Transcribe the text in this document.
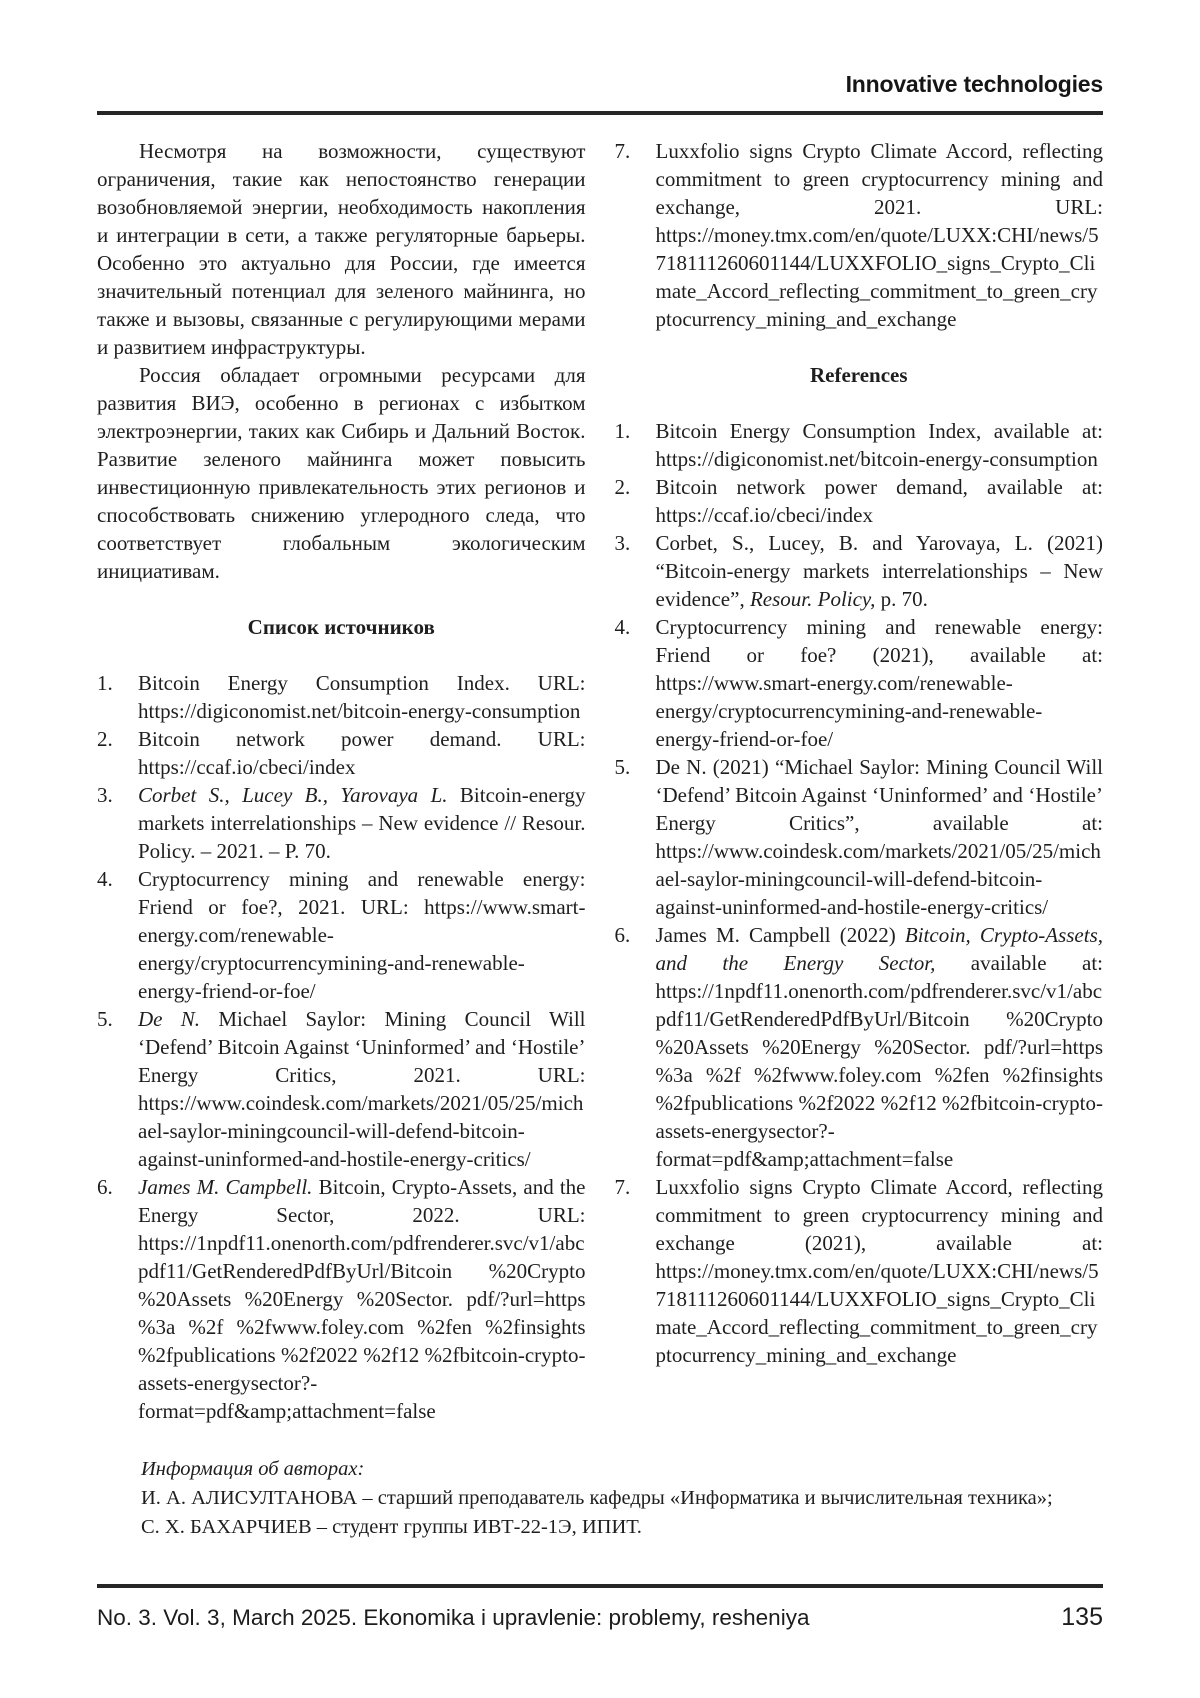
Innovative technologies

Несмотря на возможности, существуют ограничения, такие как непостоянство генерации возобновляемой энергии, необходимость накопления и интеграции в сети, а также регуляторные барьеры. Особенно это актуально для России, где имеется значительный потенциал для зеленого майнинга, но также и вызовы, связанные с регулирующими мерами и развитием инфраструктуры.

Россия обладает огромными ресурсами для развития ВИЭ, особенно в регионах с избытком электроэнергии, таких как Сибирь и Дальний Восток. Развитие зеленого майнинга может повысить инвестиционную привлекательность этих регионов и способствовать снижению углеродного следа, что соответствует глобальным экологическим инициативам.

Список источников
1. Bitcoin Energy Consumption Index. URL: https://digiconomist.net/bitcoin-energy-consumption
2. Bitcoin network power demand. URL: https://ccaf.io/cbeci/index
3. Corbet S., Lucey B., Yarovaya L. Bitcoin-energy markets interrelationships – New evidence // Resour. Policy. – 2021. – P. 70.
4. Cryptocurrency mining and renewable energy: Friend or foe?, 2021. URL: https://www.smart-energy.com/renewable-energy/cryptocurrencymining-and-renewable-energy-friend-or-foe/
5. De N. Michael Saylor: Mining Council Will ‘Defend’ Bitcoin Against ‘Uninformed’ and ‘Hostile’ Energy Critics, 2021. URL: https://www.coindesk.com/markets/2021/05/25/michael-saylor-miningcouncil-will-defend-bitcoin-against-uninformed-and-hostile-energy-critics/
6. James M. Campbell. Bitcoin, Crypto-Assets, and the Energy Sector, 2022. URL: https://1npdf11.onenorth.com/pdfrenderer.svc/v1/abcpdf11/GetRenderedPdfByUrl/Bitcoin %20Crypto %20Assets %20Energy %20Sector. pdf/?url=https %3a %2f %2fwww.foley.com %2fen %2finsights %2fpublications %2f2022 %2f12 %2fbitcoin-crypto-assets-energysector?- format=pdf&amp;attachment=false
7. Luxxfolio signs Crypto Climate Accord, reflecting commitment to green cryptocurrency mining and exchange, 2021. URL: https://money.tmx.com/en/quote/LUXX:CHI/news/5718111260601144/LUXXFOLIO_signs_Crypto_Climate_Accord_reflecting_commitment_to_green_cryptocurrency_mining_and_exchange
References
1. Bitcoin Energy Consumption Index, available at: https://digiconomist.net/bitcoin-energy-consumption
2. Bitcoin network power demand, available at: https://ccaf.io/cbeci/index
3. Corbet, S., Lucey, B. and Yarovaya, L. (2021) “Bitcoin-energy markets interrelationships – New evidence”, Resour. Policy, p. 70.
4. Cryptocurrency mining and renewable energy: Friend or foe? (2021), available at: https://www.smart-energy.com/renewable-energy/cryptocurrencymining-and-renewable-energy-friend-or-foe/
5. De N. (2021) “Michael Saylor: Mining Council Will ‘Defend’ Bitcoin Against ‘Uninformed’ and ‘Hostile’ Energy Critics”, available at: https://www.coindesk.com/markets/2021/05/25/michael-saylor-miningcouncil-will-defend-bitcoin-against-uninformed-and-hostile-energy-critics/
6. James M. Campbell (2022) Bitcoin, Crypto-Assets, and the Energy Sector, available at: https://1npdf11.onenorth.com/pdfrenderer.svc/v1/abcpdf11/GetRenderedPdfByUrl/Bitcoin %20Crypto %20Assets %20Energy %20Sector. pdf/?url=https %3a %2f %2fwww.foley.com %2fen %2finsights %2fpublications %2f2022 %2f12 %2fbitcoin-crypto-assets-energysector?- format=pdf&amp;attachment=false
7. Luxxfolio signs Crypto Climate Accord, reflecting commitment to green cryptocurrency mining and exchange (2021), available at: https://money.tmx.com/en/quote/LUXX:CHI/news/5718111260601144/LUXXFOLIO_signs_Crypto_Climate_Accord_reflecting_commitment_to_green_cryptocurrency_mining_and_exchange
Информация об авторах:
И. А. АЛИСУЛТАНОВА – старший преподаватель кафедры «Информатика и вычислительная техника»;
С. Х. БАХАРЧИЕВ – студент группы ИВТ-22-1Э, ИПИТ.
No. 3. Vol. 3, March 2025. Ekonomika i upravlenie: problemy, resheniya	135
